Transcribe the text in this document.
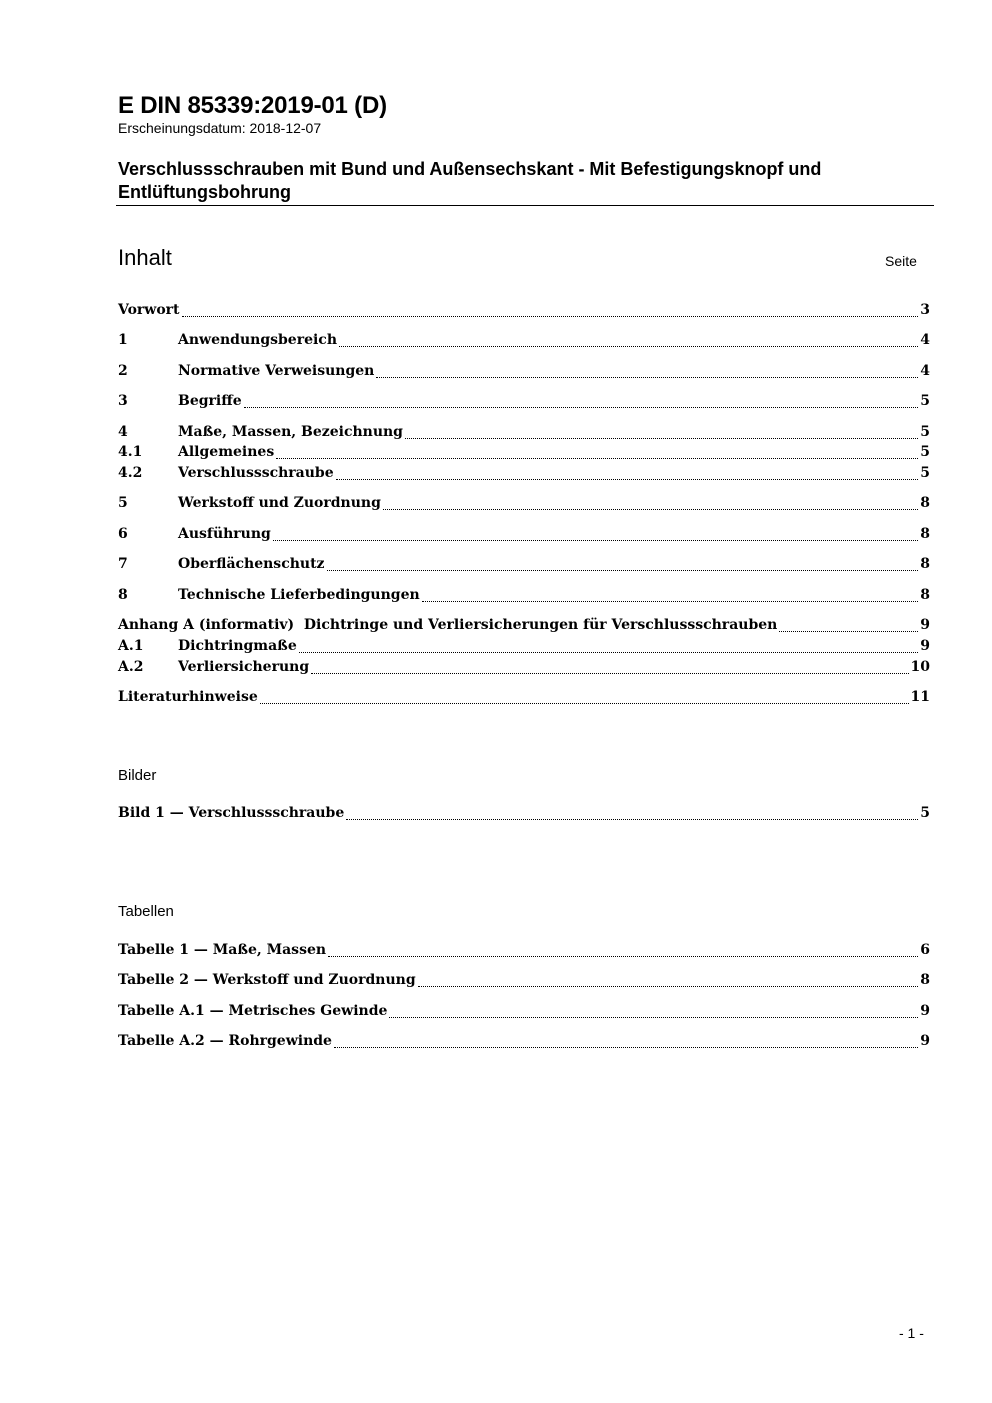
E DIN 85339:2019-01 (D)
Erscheinungsdatum: 2018-12-07
Verschlussschrauben mit Bund und Außensechskant - Mit Befestigungsknopf und Entlüftungsbohrung
Inhalt	Seite
Vorwort	3
1	Anwendungsbereich	4
2	Normative Verweisungen	4
3	Begriffe	5
4	Maße, Massen, Bezeichnung	5
4.1	Allgemeines	5
4.2	Verschlussschraube	5
5	Werkstoff und Zuordnung	8
6	Ausführung	8
7	Oberflächenschutz	8
8	Technische Lieferbedingungen	8
Anhang A (informativ)  Dichtringe und Verliersicherungen für Verschlussschrauben	9
A.1	Dichtringmaße	9
A.2	Verliersicherung	10
Literaturhinweise	11
Bilder
Bild 1 — Verschlussschraube	5
Tabellen
Tabelle 1 — Maße, Massen	6
Tabelle 2 — Werkstoff und Zuordnung	8
Tabelle A.1 — Metrisches Gewinde	9
Tabelle A.2 — Rohrgewinde	9
- 1 -
